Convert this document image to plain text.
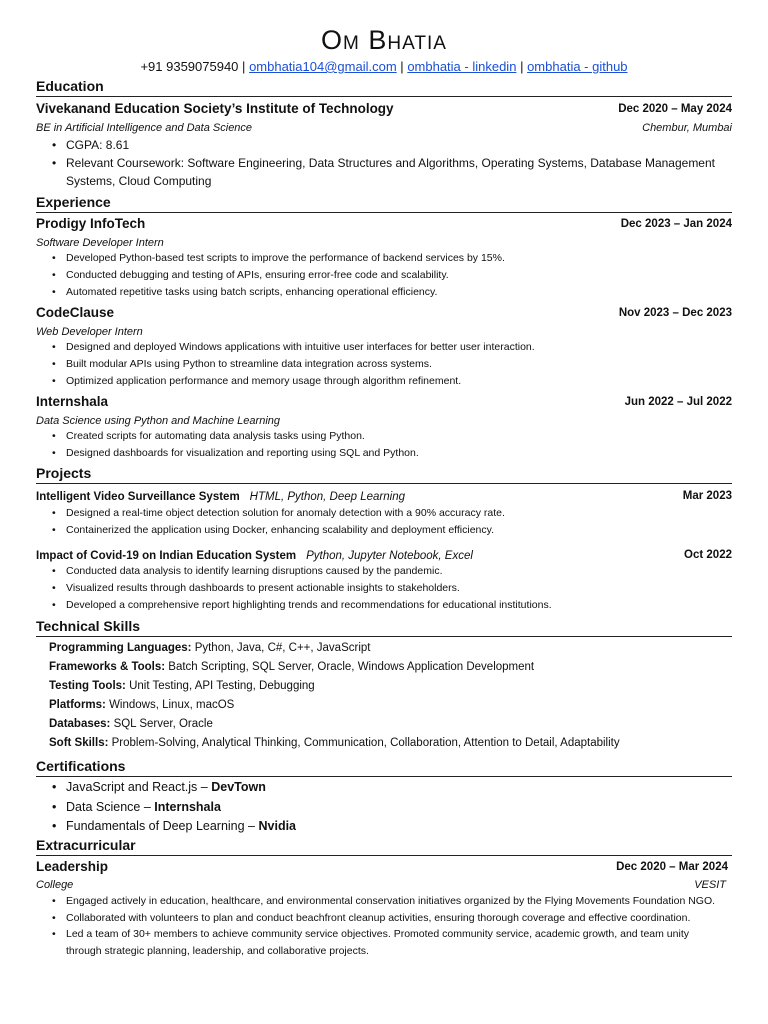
Om Bhatia
+91 9359075940 | ombhatia104@gmail.com | ombhatia - linkedin | ombhatia - github
Education
Vivekanand Education Society’s Institute of Technology	Dec 2020 – May 2024
BE in Artificial Intelligence and Data Science	Chembur, Mumbai
• CGPA: 8.61
• Relevant Coursework: Software Engineering, Data Structures and Algorithms, Operating Systems, Database Management Systems, Cloud Computing
Experience
Prodigy InfoTech	Dec 2023 – Jan 2024
Software Developer Intern
• Developed Python-based test scripts to improve the performance of backend services by 15%.
• Conducted debugging and testing of APIs, ensuring error-free code and scalability.
• Automated repetitive tasks using batch scripts, enhancing operational efficiency.
CodeClause	Nov 2023 – Dec 2023
Web Developer Intern
• Designed and deployed Windows applications with intuitive user interfaces for better user interaction.
• Built modular APIs using Python to streamline data integration across systems.
• Optimized application performance and memory usage through algorithm refinement.
Internshala	Jun 2022 – Jul 2022
Data Science using Python and Machine Learning
• Created scripts for automating data analysis tasks using Python.
• Designed dashboards for visualization and reporting using SQL and Python.
Projects
Intelligent Video Surveillance System HTML, Python, Deep Learning	Mar 2023
• Designed a real-time object detection solution for anomaly detection with a 90% accuracy rate.
• Containerized the application using Docker, enhancing scalability and deployment efficiency.
Impact of Covid-19 on Indian Education System Python, Jupyter Notebook, Excel	Oct 2022
• Conducted data analysis to identify learning disruptions caused by the pandemic.
• Visualized results through dashboards to present actionable insights to stakeholders.
• Developed a comprehensive report highlighting trends and recommendations for educational institutions.
Technical Skills
Programming Languages: Python, Java, C#, C++, JavaScript
Frameworks & Tools: Batch Scripting, SQL Server, Oracle, Windows Application Development
Testing Tools: Unit Testing, API Testing, Debugging
Platforms: Windows, Linux, macOS
Databases: SQL Server, Oracle
Soft Skills: Problem-Solving, Analytical Thinking, Communication, Collaboration, Attention to Detail, Adaptability
Certifications
• JavaScript and React.js – DevTown
• Data Science – Internshala
• Fundamentals of Deep Learning – Nvidia
Extracurricular
Leadership	Dec 2020 – Mar 2024
College	VESIT
• Engaged actively in education, healthcare, and environmental conservation initiatives organized by the Flying Movements Foundation NGO.
• Collaborated with volunteers to plan and conduct beachfront cleanup activities, ensuring thorough coverage and effective coordination.
• Led a team of 30+ members to achieve community service objectives. Promoted community service, academic growth, and team unity through strategic planning, leadership, and collaborative projects.
